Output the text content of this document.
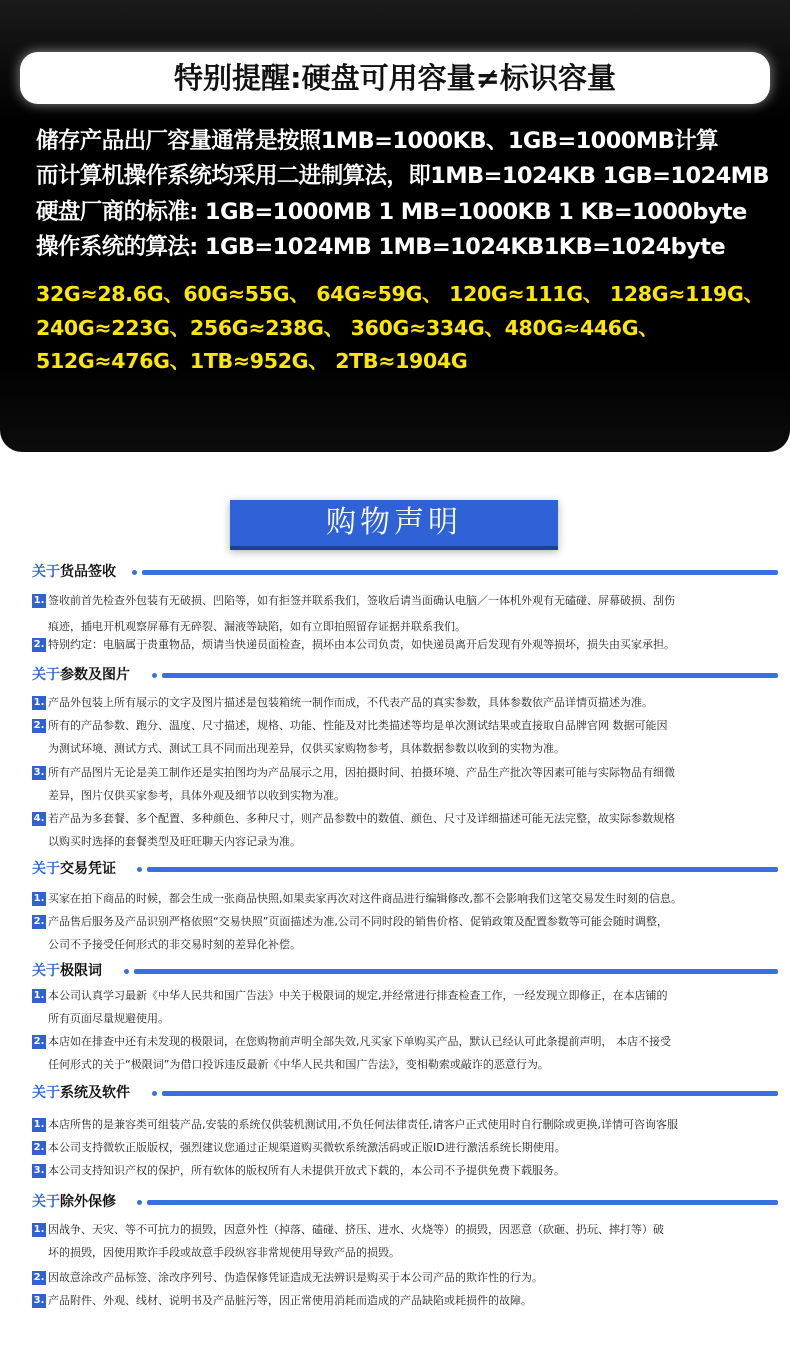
特别提醒:硬盘可用容量≠标识容量
储存产品出厂容量通常是按照1MB=1000KB、1GB=1000MB计算
而计算机操作系统均采用二进制算法，即1MB=1024KB 1GB=1024MB
硬盘厂商的标准: 1GB=1000MB 1 MB=1000KB 1 KB=1000byte
操作系统的算法: 1GB=1024MB 1MB=1024KB1KB=1024byte
32G≈28.6G、60G≈55G、 64G≈59G、 120G≈111G、 128G≈119G、
240G≈223G、256G≈238G、 360G≈334G、480G≈446G、
512G≈476G、1TB≈952G、 2TB≈1904G
购物声明
关于货品签收
1. 签收前首先检查外包装有无破损、凹陷等，如有拒签并联系我们，签收后请当面确认电脑／一体机外观有无磕碰、屏幕破损、刮伤
痕迹，插电开机观察屏幕有无碎裂、漏液等缺陷，如有立即拍照留存证据并联系我们。
2. 特别约定：电脑属于贵重物品，烦请当快递员面检查，损坏由本公司负责，如快递员离开后发现有外观等损坏，损失由买家承担。
关于参数及图片
1. 产品外包装上所有展示的文字及图片描述是包装箱统一制作而成，不代表产品的真实参数，具体参数依产品详情页描述为准。
2. 所有的产品参数、跑分、温度、尺寸描述，规格、功能、性能及对比类描述等均是单次测试结果或直接取自品牌官网 数据可能因
为测试环境、测试方式、测试工具不同而出现差异，仅供买家购物参考，具体数据参数以收到的实物为准。
3. 所有产品图片无论是美工制作还是实拍图均为产品展示之用，因拍摄时间、拍摄环境、产品生产批次等因素可能与实际物品有细微
差异，图片仅供买家参考，具体外观及细节以收到实物为准。
4. 若产品为多套餐、多个配置、多种颜色、多种尺寸，则产品参数中的数值、颜色、尺寸及详细描述可能无法完整，故实际参数规格
以购买时选择的套餐类型及旺旺聊天内容记录为准。
关于交易凭证
1. 买家在拍下商品的时候，都会生成一张商品快照,如果卖家再次对这件商品进行编辑修改,都不会影响我们这笔交易发生时刻的信息。
2. 产品售后服务及产品识别严格依照“交易快照”页面描述为准,公司不同时段的销售价格、促销政策及配置参数等可能会随时调整，
公司不予接受任何形式的非交易时刻的差异化补偿。
关于极限词
1. 本公司认真学习最新《中华人民共和国广告法》中关于极限词的规定,并经常进行排查检查工作，一经发现立即修正，在本店铺的
所有页面尽量规避使用。
2. 本店如在排查中还有未发现的极限词，在您购物前声明全部失效,凡买家下单购买产品，默认已经认可此条提前声明， 本店不接受
任何形式的关于“极限词”为借口投诉违反最新《中华人民共和国广告法》，变相勒索或敲诈的恶意行为。
关于系统及软件
1. 本店所售的是兼容类可组装产品,安装的系统仅供装机测试用,不负任何法律责任,请客户正式使用时自行删除或更换,详情可咨询客服
2. 本公司支持微软正版版权，强烈建议您通过正规渠道购买微软系统激活码或正版ID进行激活系统长期使用。
3. 本公司支持知识产权的保护，所有软体的版权所有人未提供开放式下载的，本公司不予提供免费下载服务。
关于除外保修
1. 因战争、天灾、等不可抗力的损毁，因意外性（掉落、磕碰、挤压、进水、火烧等）的损毁，因恶意（砍砸、扔玩、摔打等）破
坏的损毁，因使用欺诈手段或故意手段纵容非常规使用导致产品的损毁。
2. 因故意涂改产品标签、涂改序列号、伪造保修凭证造成无法辨识是购买于本公司产品的欺诈性的行为。
3. 产品附件、外观、线材、说明书及产品脏污等，因正常使用消耗而造成的产品缺陷或耗损件的故障。
